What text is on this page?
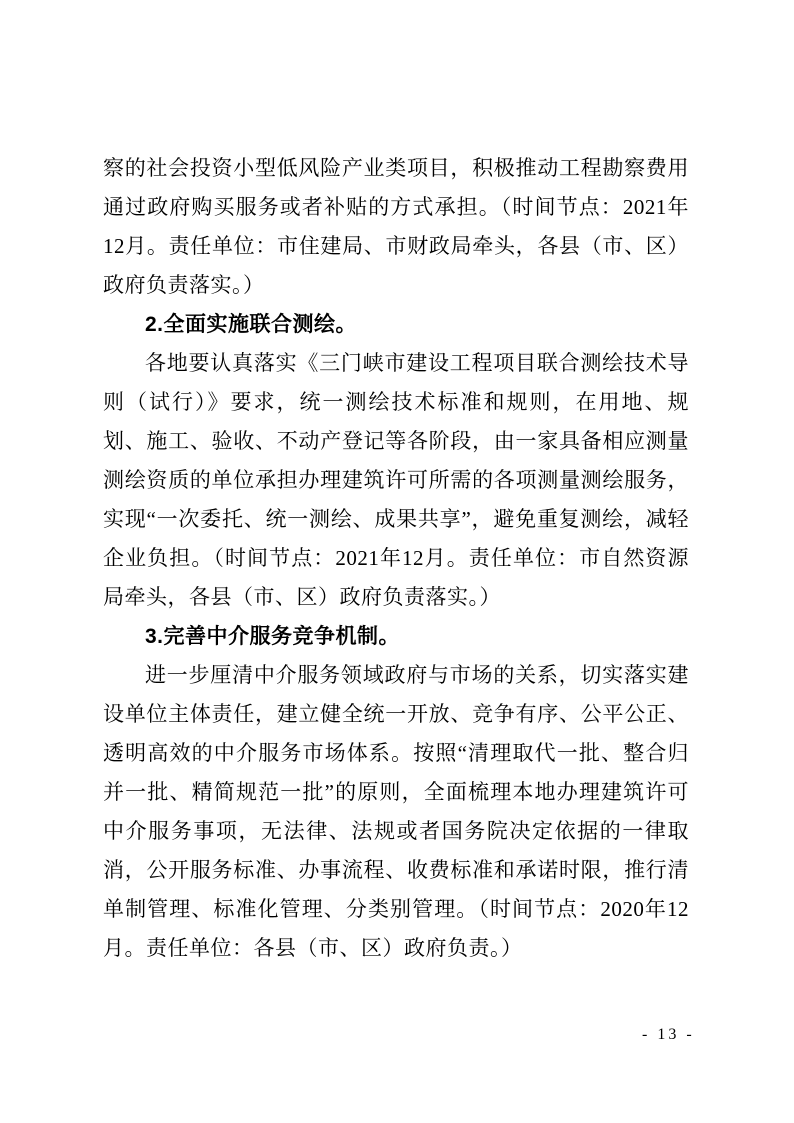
察的社会投资小型低风险产业类项目，积极推动工程勘察费用通过政府购买服务或者补贴的方式承担。（时间节点：2021年12月。责任单位：市住建局、市财政局牵头，各县（市、区）政府负责落实。）

2.全面实施联合测绘。

各地要认真落实《三门峡市建设工程项目联合测绘技术导则（试行）》要求，统一测绘技术标准和规则，在用地、规划、施工、验收、不动产登记等各阶段，由一家具备相应测量测绘资质的单位承担办理建筑许可所需的各项测量测绘服务，实现“一次委托、统一测绘、成果共享”，避免重复测绘，减轻企业负担。（时间节点：2021年12月。责任单位：市自然资源局牵头，各县（市、区）政府负责落实。）

3.完善中介服务竞争机制。

进一步厘清中介服务领域政府与市场的关系，切实落实建设单位主体责任，建立健全统一开放、竞争有序、公平公正、透明高效的中介服务市场体系。按照“清理取代一批、整合归并一批、精简规范一批”的原则，全面梳理本地办理建筑许可中介服务事项，无法律、法规或者国务院决定依据的一律取消，公开服务标准、办事流程、收费标准和承诺时限，推行清单制管理、标准化管理、分类别管理。（时间节点：2020年12月。责任单位：各县（市、区）政府负责。）

- 13 -
